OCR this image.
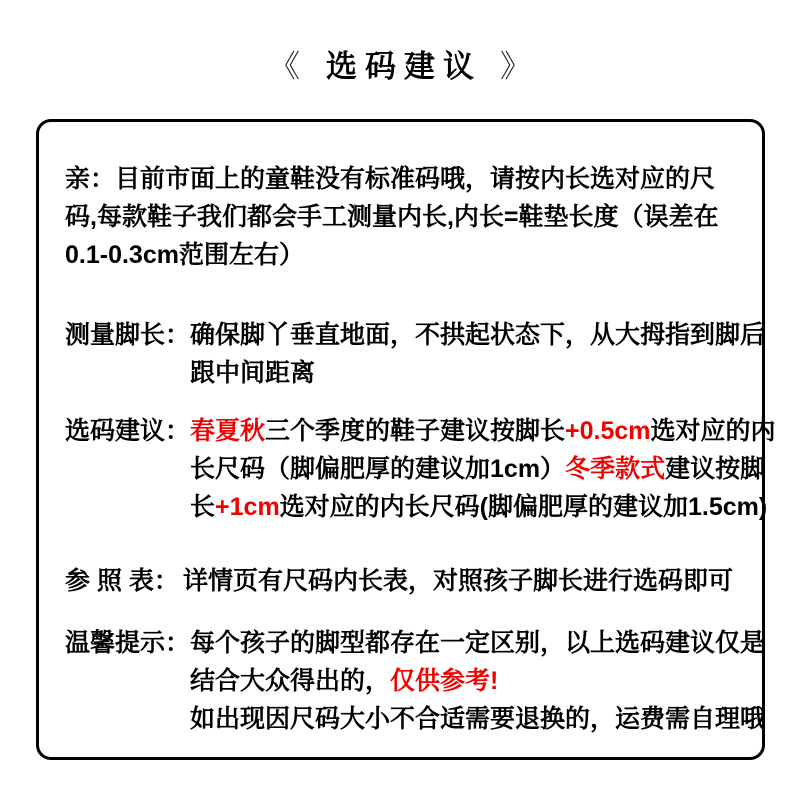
《 选码建议 》
亲：目前市面上的童鞋没有标准码哦，请按内长选对应的尺
码,每款鞋子我们都会手工测量内长,内长=鞋垫长度（误差在
0.1-0.3cm范围左右）
测量脚长： 确保脚丫垂直地面，不拱起状态下，从大拇指到脚后
跟中间距离
选码建议： 春夏秋三个季度的鞋子建议按脚长+0.5cm选对应的内
长尺码（脚偏肥厚的建议加1cm）冬季款式建议按脚
长+1cm选对应的内长尺码(脚偏肥厚的建议加1.5cm)
参 照 表： 详情页有尺码内长表，对照孩子脚长进行选码即可
温馨提示： 每个孩子的脚型都存在一定区别，以上选码建议仅是
结合大众得出的，仅供参考!
如出现因尺码大小不合适需要退换的，运费需自理哦
